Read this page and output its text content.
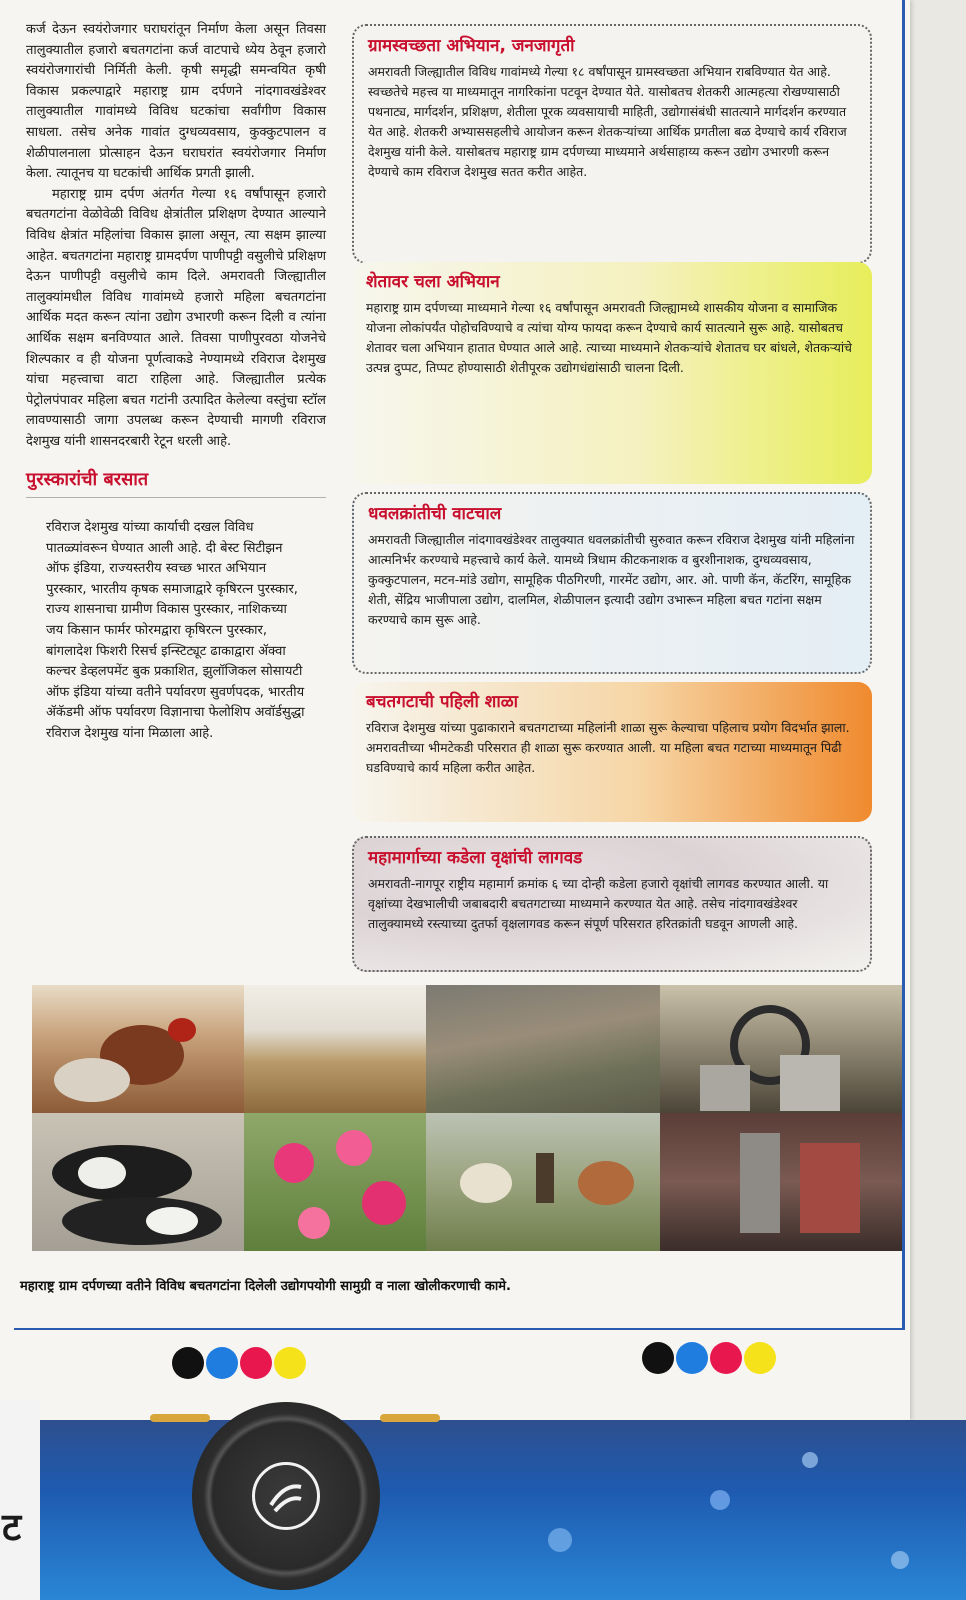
कर्ज देऊन स्वयंरोजगार घराघरांतून निर्माण केला असून तिवसा तालुक्यातील हजारो बचतगटांना कर्ज वाटपाचे ध्येय ठेवून हजारो स्वयंरोजगारांची निर्मिती केली. कृषी समृद्धी समन्वयित कृषी विकास प्रकल्पाद्वारे महाराष्ट्र ग्राम दर्पणने नांदगावखंडेश्वर तालुक्यातील गावांमध्ये विविध घटकांचा सर्वांगीण विकास साधला. तसेच अनेक गावांत दुग्धव्यवसाय, कुक्कुटपालन व शेळीपालनाला प्रोत्साहन देऊन घराघरांत स्वयंरोजगार निर्माण केला. त्यातूनच या घटकांची आर्थिक प्रगती झाली.

महाराष्ट्र ग्राम दर्पण अंतर्गत गेल्या १६ वर्षांपासून हजारो बचतगटांना वेळोवेळी विविध क्षेत्रांतील प्रशिक्षण देण्यात आल्याने विविध क्षेत्रांत महिलांचा विकास झाला असून, त्या सक्षम झाल्या आहेत. बचतगटांना महाराष्ट्र ग्रामदर्पण पाणीपट्टी वसुलीचे प्रशिक्षण देऊन पाणीपट्टी वसुलीचे काम दिले. अमरावती जिल्ह्यातील तालुक्यांमधील विविध गावांमध्ये हजारो महिला बचतगटांना आर्थिक मदत करून त्यांना उद्योग उभारणी करून दिली व त्यांना आर्थिक सक्षम बनविण्यात आले. तिवसा पाणीपुरवठा योजनेचे शिल्पकार व ही योजना पूर्णत्वाकडे नेण्यामध्ये रविराज देशमुख यांचा महत्त्वाचा वाटा राहिला आहे. जिल्ह्यातील प्रत्येक पेट्रोलपंपावर महिला बचत गटांनी उत्पादित केलेल्या वस्तुंचा स्टॉल लावण्यासाठी जागा उपलब्ध करून देण्याची मागणी रविराज देशमुख यांनी शासनदरबारी रेटून धरली आहे.

पुरस्कारांची बरसात
रविराज देशमुख यांच्या कार्याची दखल विविध पातळ्यांवरून घेण्यात आली आहे. दी बेस्ट सिटीझन ऑफ इंडिया, राज्यस्तरीय स्वच्छ भारत अभियान पुरस्कार, भारतीय कृषक समाजाद्वारे कृषिरत्न पुरस्कार, राज्य शासनाचा ग्रामीण विकास पुरस्कार, नाशिकच्या जय किसान फार्मर फोरमद्वारा कृषिरत्न पुरस्कार, बांगलादेश फिशरी रिसर्च इन्स्टिट्यूट ढाकाद्वारा ॲक्वा कल्चर डेव्हलपमेंट बुक प्रकाशित, झुलॉजिकल सोसायटी ऑफ इंडिया यांच्या वतीने पर्यावरण सुवर्णपदक, भारतीय ॲकॅडमी ऑफ पर्यावरण विज्ञानाचा फेलोशिप अवॉर्डसुद्धा रविराज देशमुख यांना मिळाला आहे.
ग्रामस्वच्छता अभियान, जनजागृती

अमरावती जिल्ह्यातील विविध गावांमध्ये गेल्या १८ वर्षांपासून ग्रामस्वच्छता अभियान राबविण्यात येत आहे. स्वच्छतेचे महत्त्व या माध्यमातून नागरिकांना पटवून देण्यात येते. यासोबतच शेतकरी आत्महत्या रोखण्यासाठी पथनाट्य, मार्गदर्शन, प्रशिक्षण, शेतीला पूरक व्यवसायाची माहिती, उद्योगासंबंधी सातत्याने मार्गदर्शन करण्यात येत आहे. शेतकरी अभ्याससहलीचे आयोजन करून शेतकऱ्यांच्या आर्थिक प्रगतीला बळ देण्याचे कार्य रविराज देशमुख यांनी केले. यासोबतच महाराष्ट्र ग्राम दर्पणच्या माध्यमाने अर्थसाहाय्य करून उद्योग उभारणी करून देण्याचे काम रविराज देशमुख सतत करीत आहेत.

शेतावर चला अभियान

महाराष्ट्र ग्राम दर्पणच्या माध्यमाने गेल्या १६ वर्षांपासून अमरावती जिल्ह्यामध्ये शासकीय योजना व सामाजिक योजना लोकांपर्यंत पोहोचविण्याचे व त्यांचा योग्य फायदा करून देण्याचे कार्य सातत्याने सुरू आहे. यासोबतच शेतावर चला अभियान हातात घेण्यात आले आहे. त्याच्या माध्यमाने शेतकऱ्यांचे शेतातच घर बांधले, शेतकऱ्यांचे उत्पन्न दुप्पट, तिप्पट होण्यासाठी शेतीपूरक उद्योगधंद्यांसाठी चालना दिली.

धवलक्रांतीची वाटचाल

अमरावती जिल्ह्यातील नांदगावखंडेश्वर तालुक्यात धवलक्रांतीची सुरुवात करून रविराज देशमुख यांनी महिलांना आत्मनिर्भर करण्याचे महत्त्वाचे कार्य केले. यामध्ये त्रिधाम कीटकनाशक व बुरशीनाशक, दुग्धव्यवसाय, कुक्कुटपालन, मटन-मांडे उद्योग, सामूहिक पीठगिरणी, गारमेंट उद्योग, आर. ओ. पाणी कॅन, कॅटरिंग, सामूहिक शेती, सेंद्रिय भाजीपाला उद्योग, दालमिल, शेळीपालन इत्यादी उद्योग उभारून महिला बचत गटांना सक्षम करण्याचे काम सुरू आहे.

बचतगटाची पहिली शाळा

रविराज देशमुख यांच्या पुढाकाराने बचतगटाच्या महिलांनी शाळा सुरू केल्याचा पहिलाच प्रयोग विदर्भात झाला. अमरावतीच्या भीमटेकडी परिसरात ही शाळा सुरू करण्यात आली. या महिला बचत गटाच्या माध्यमातून पिढी घडविण्याचे कार्य महिला करीत आहेत.

महामार्गाच्या कडेला वृक्षांची लागवड

अमरावती-नागपूर राष्ट्रीय महामार्ग क्रमांक ६ च्या दोन्ही कडेला हजारो वृक्षांची लागवड करण्यात आली. या वृक्षांच्या देखभालीची जबाबदारी बचतगटाच्या माध्यमाने करण्यात येत आहे. तसेच नांदगावखंडेश्वर तालुक्यामध्ये रस्त्याच्या दुतर्फा वृक्षलागवड करून संपूर्ण परिसरात हरितक्रांती घडवून आणली आहे.

महाराष्ट्र ग्राम दर्पणच्या वतीने विविध बचतगटांना दिलेली उद्योगपयोगी सामुग्री व नाला खोलीकरणाची कामे.
ट
